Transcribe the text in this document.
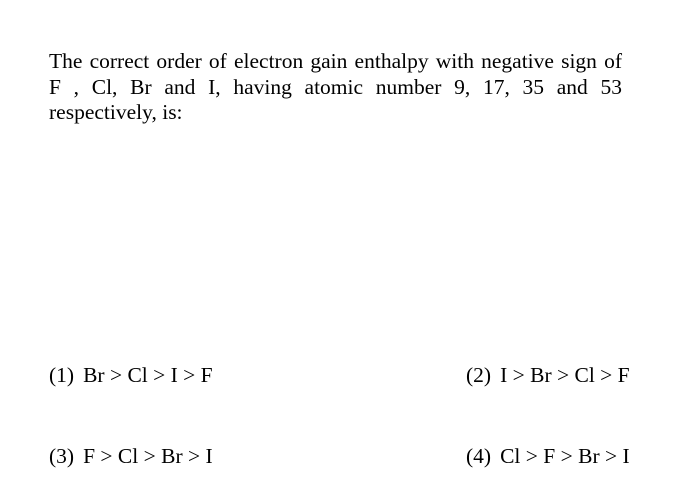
The correct order of electron gain enthalpy with negative sign of
F , Cl, Br and I, having atomic number 9, 17, 35 and 53
respectively, is:
(1) Br > Cl > I > F	(2) I > Br > Cl > F
(3) F > Cl > Br > I	(4) Cl > F > Br > I
